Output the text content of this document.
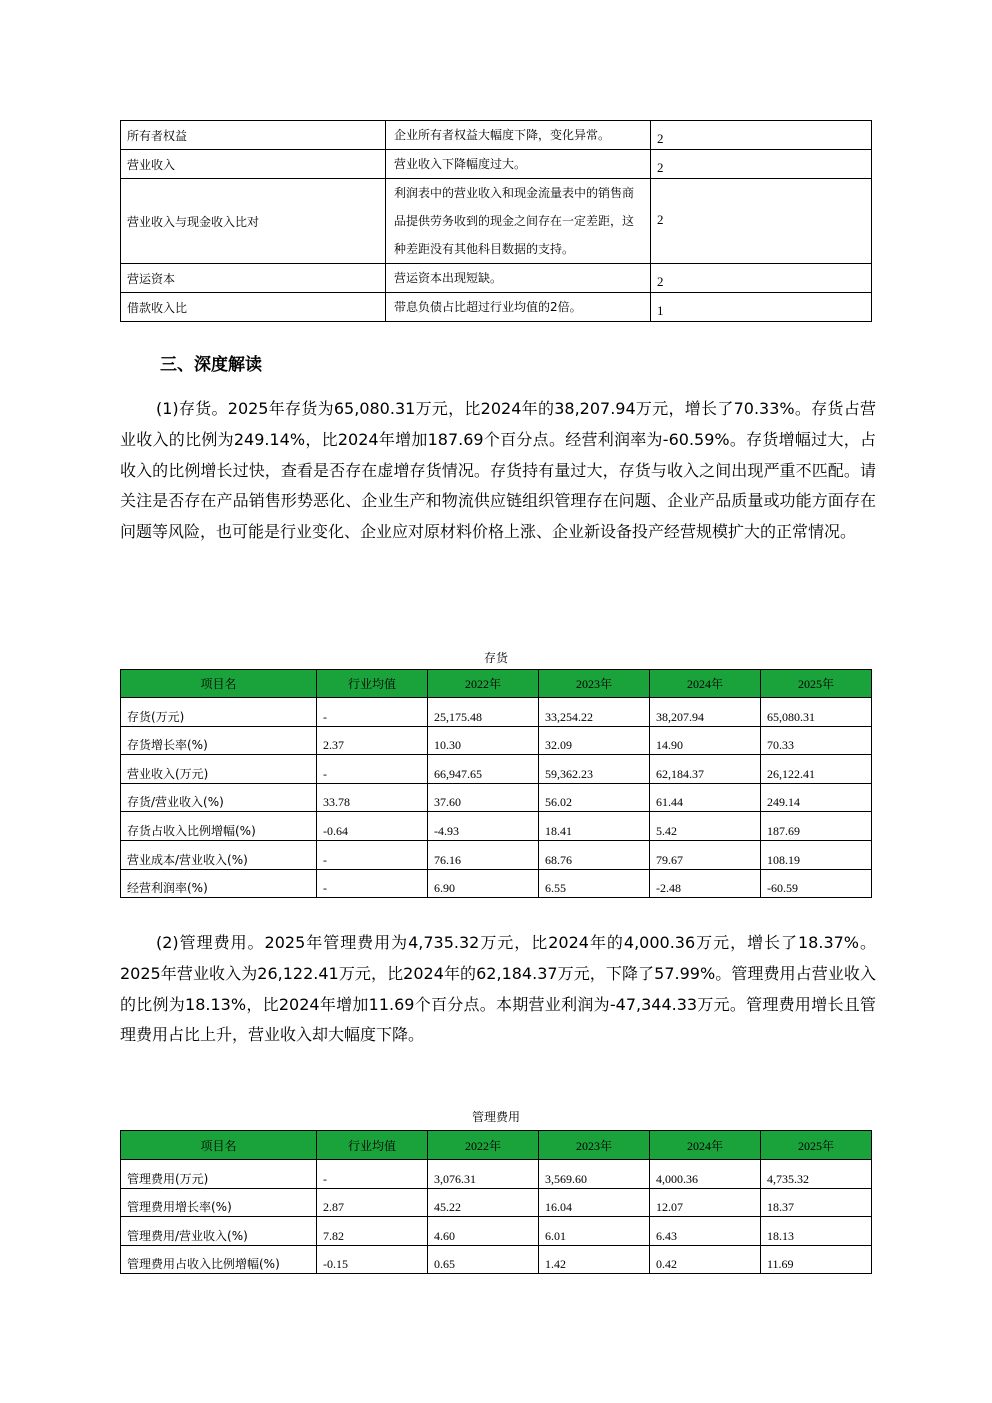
所有者权益	企业所有者权益大幅度下降，变化异常。	2
营业收入	营业收入下降幅度过大。	2
营业收入与现金收入比对	利润表中的营业收入和现金流量表中的销售商品提供劳务收到的现金之间存在一定差距，这种差距没有其他科目数据的支持。	2
营运资本	营运资本出现短缺。	2
借款收入比	带息负债占比超过行业均值的2倍。	1
三、深度解读
(1)存货。2025年存货为65,080.31万元，比2024年的38,207.94万元，增长了70.33%。存货占营业收入的比例为249.14%，比2024年增加187.69个百分点。经营利润率为-60.59%。存货增幅过大，占收入的比例增长过快，查看是否存在虚增存货情况。存货持有量过大，存货与收入之间出现严重不匹配。请关注是否存在产品销售形势恶化、企业生产和物流供应链组织管理存在问题、企业产品质量或功能方面存在问题等风险，也可能是行业变化、企业应对原材料价格上涨、企业新设备投产经营规模扩大的正常情况。
存货
项目名	行业均值	2022年	2023年	2024年	2025年
存货(万元)	-	25,175.48	33,254.22	38,207.94	65,080.31
存货增长率(%)	2.37	10.30	32.09	14.90	70.33
营业收入(万元)	-	66,947.65	59,362.23	62,184.37	26,122.41
存货/营业收入(%)	33.78	37.60	56.02	61.44	249.14
存货占收入比例增幅(%)	-0.64	-4.93	18.41	5.42	187.69
营业成本/营业收入(%)	-	76.16	68.76	79.67	108.19
经营利润率(%)	-	6.90	6.55	-2.48	-60.59
(2)管理费用。2025年管理费用为4,735.32万元，比2024年的4,000.36万元，增长了18.37%。2025年营业收入为26,122.41万元，比2024年的62,184.37万元，下降了57.99%。管理费用占营业收入的比例为18.13%，比2024年增加11.69个百分点。本期营业利润为-47,344.33万元。管理费用增长且管理费用占比上升，营业收入却大幅度下降。
管理费用
项目名	行业均值	2022年	2023年	2024年	2025年
管理费用(万元)	-	3,076.31	3,569.60	4,000.36	4,735.32
管理费用增长率(%)	2.87	45.22	16.04	12.07	18.37
管理费用/营业收入(%)	7.82	4.60	6.01	6.43	18.13
管理费用占收入比例增幅(%)	-0.15	0.65	1.42	0.42	11.69
